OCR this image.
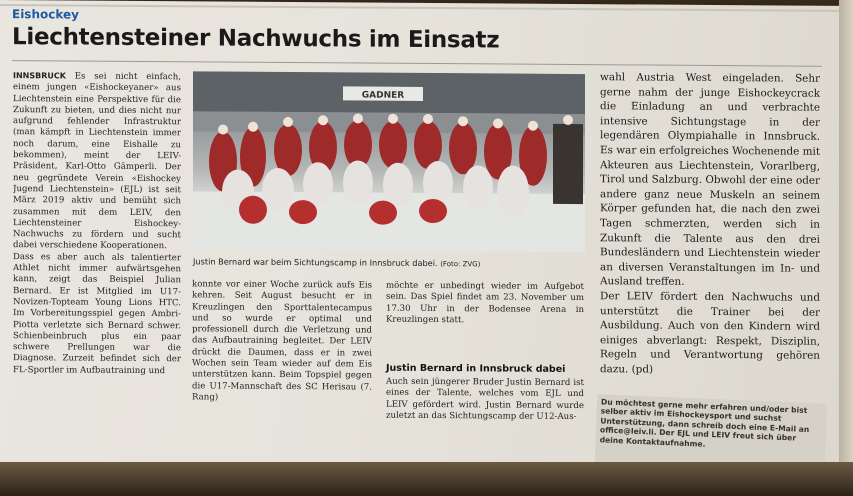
Eishockey
Liechtensteiner Nachwuchs im Einsatz
INNSBRUCK Es sei nicht einfach, einem jungen «Eishockeyaner» aus Liechtenstein eine Perspektive für die Zukunft zu bieten, und dies nicht nur aufgrund fehlender Infrastruktur (man kämpft in Liechtenstein immer noch darum, eine Eishalle zu bekommen), meint der LEIV-Präsident, Karl-Otto Gämperli. Der neu gegründete Verein «Eishockey Jugend Liechtenstein» (EJL) ist seit März 2019 aktiv und bemüht sich zusammen mit dem LEIV, den Liechtensteiner Eishockey-Nachwuchs zu fördern und sucht dabei verschiedene Kooperationen.
Dass es aber auch als talentierter Athlet nicht immer aufwärtsgehen kann, zeigt das Beispiel Julian Bernard. Er ist Mitglied im U17-Novizen-Topteam Young Lions HTC. Im Vorbereitungsspiel gegen Ambri-Piotta verletzte sich Bernard schwer. Schienbeinbruch plus ein paar schwere Prellungen war die Diagnose. Zurzeit befindet sich der FL-Sportler im Aufbautraining und
GADNER
Justin Bernard war beim Sichtungscamp in Innsbruck dabei. (Foto: ZVG)
konnte vor einer Woche zurück aufs Eis kehren. Seit August besucht er in Kreuzlingen den Sporttalentecampus und so wurde er optimal und professionell durch die Verletzung und das Aufbautraining begleitet. Der LEIV drückt die Daumen, dass er in zwei Wochen sein Team wieder auf dem Eis unterstützen kann. Beim Topspiel gegen die U17-Mannschaft des SC Herisau (7. Rang)
möchte er unbedingt wieder im Aufgebot sein. Das Spiel findet am 23. November um 17.30 Uhr in der Bodensee Arena in Kreuzlingen statt.
Justin Bernard in Innsbruck dabei
Auch sein jüngerer Bruder Justin Bernard ist eines der Talente, welches vom EJL und LEIV gefördert wird. Justin Bernard wurde zuletzt an das Sichtungscamp der U12-Aus-
wahl Austria West eingeladen. Sehr gerne nahm der junge Eishockeycrack die Einladung an und verbrachte intensive Sichtungstage in der legendären Olympiahalle in Innsbruck. Es war ein erfolgreiches Wochenende mit Akteuren aus Liechtenstein, Vorarlberg, Tirol und Salzburg. Obwohl der eine oder andere ganz neue Muskeln an seinem Körper gefunden hat, die nach den zwei Tagen schmerzten, werden sich in Zukunft die Talente aus den drei Bundesländern und Liechtenstein wieder an diversen Veranstaltungen im In- und Ausland treffen.
Der LEIV fördert den Nachwuchs und unterstützt die Trainer bei der Ausbildung. Auch von den Kindern wird einiges abverlangt: Respekt, Disziplin, Regeln und Verantwortung gehören dazu. (pd)
Du möchtest gerne mehr erfahren und/oder bist selber aktiv im Eishockeysport und suchst Unterstützung, dann schreib doch eine E-Mail an office@leiv.li. Der EJL und LEIV freut sich über deine Kontaktaufnahme.
